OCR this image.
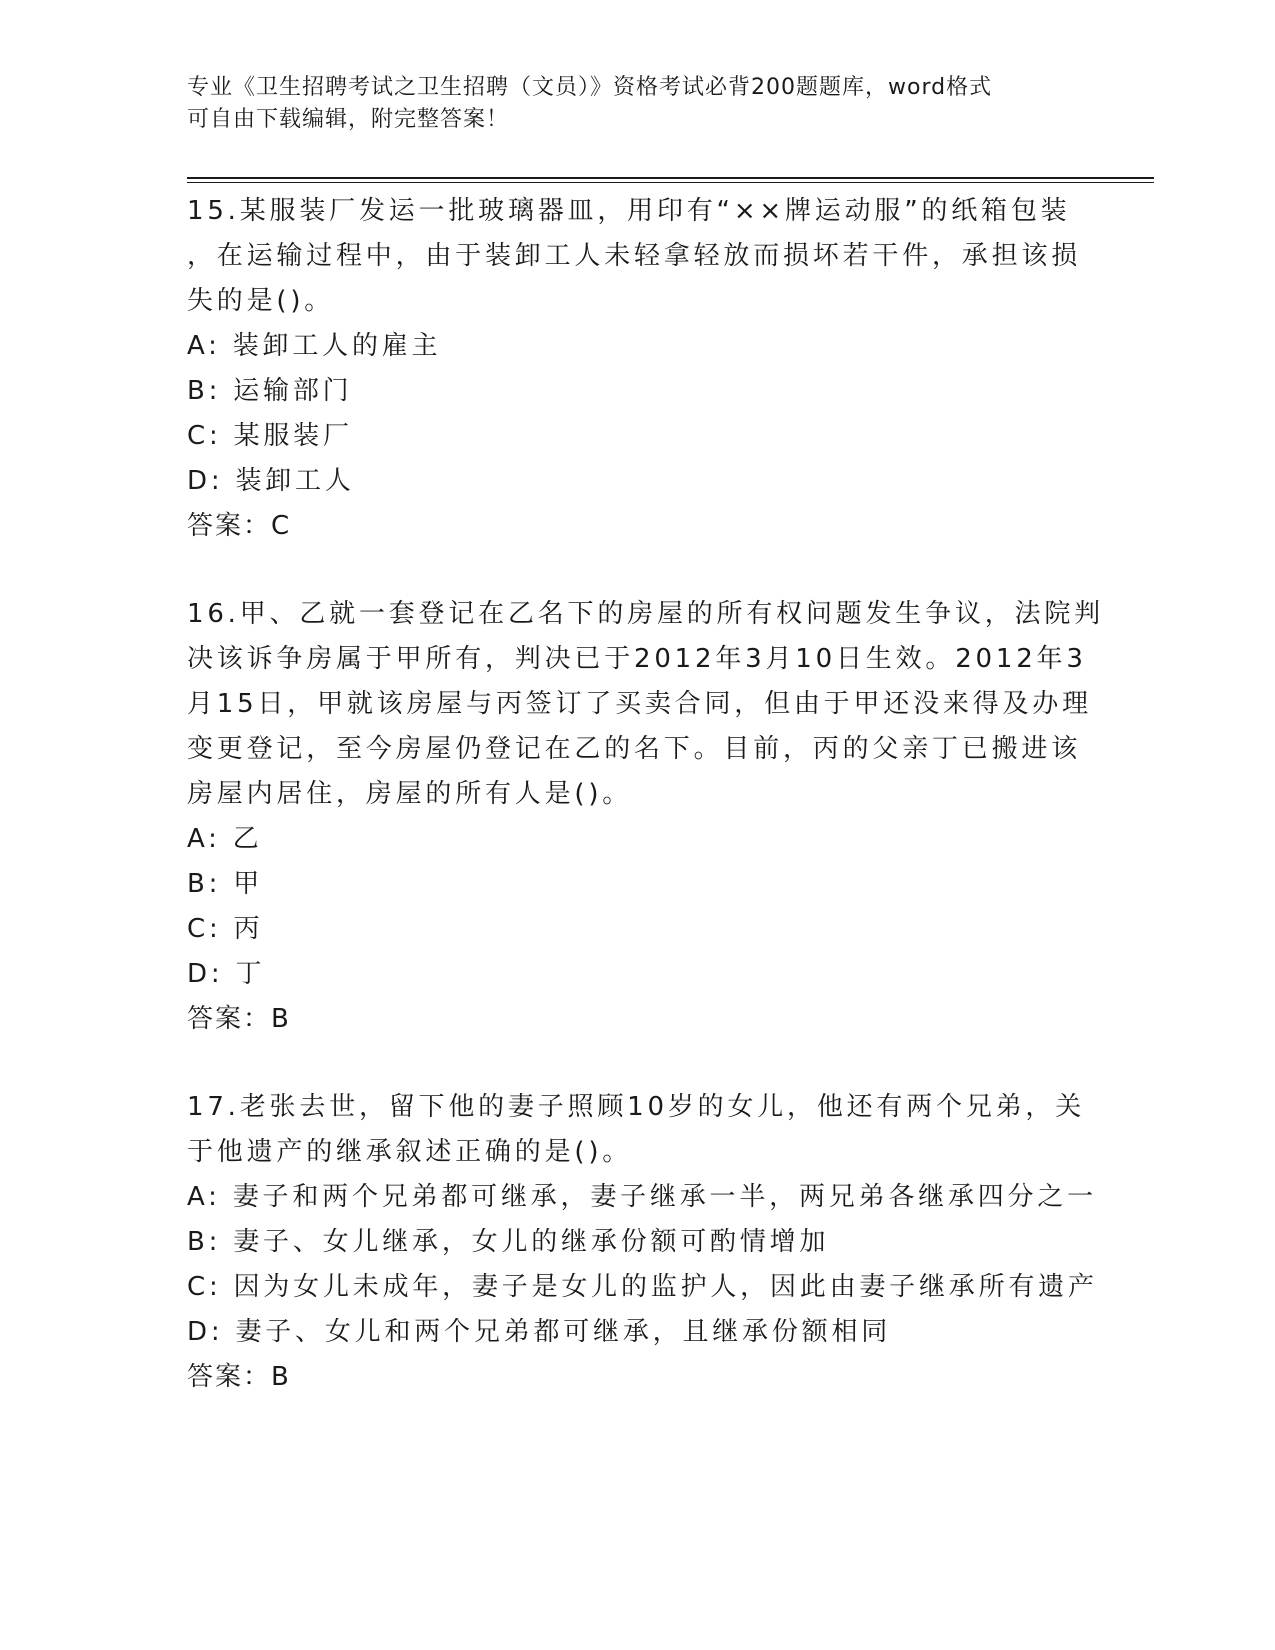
专业《卫生招聘考试之卫生招聘（文员）》资格考试必背200题题库，word格式
可自由下载编辑，附完整答案！
15.某服装厂发运一批玻璃器皿，用印有“××牌运动服”的纸箱包装
，在运输过程中，由于装卸工人未轻拿轻放而损坏若干件，承担该损
失的是()。
A: 装卸工人的雇主
B: 运输部门
C: 某服装厂
D: 装卸工人
答案：C
16.甲、乙就一套登记在乙名下的房屋的所有权问题发生争议，法院判
决该诉争房属于甲所有，判决已于2012年3月10日生效。2012年3
月15日，甲就该房屋与丙签订了买卖合同，但由于甲还没来得及办理
变更登记，至今房屋仍登记在乙的名下。目前，丙的父亲丁已搬进该
房屋内居住，房屋的所有人是()。
A: 乙
B: 甲
C: 丙
D: 丁
答案：B
17.老张去世，留下他的妻子照顾10岁的女儿，他还有两个兄弟，关
于他遗产的继承叙述正确的是()。
A: 妻子和两个兄弟都可继承，妻子继承一半，两兄弟各继承四分之一
B: 妻子、女儿继承，女儿的继承份额可酌情增加
C: 因为女儿未成年，妻子是女儿的监护人，因此由妻子继承所有遗产
D: 妻子、女儿和两个兄弟都可继承，且继承份额相同
答案：B
